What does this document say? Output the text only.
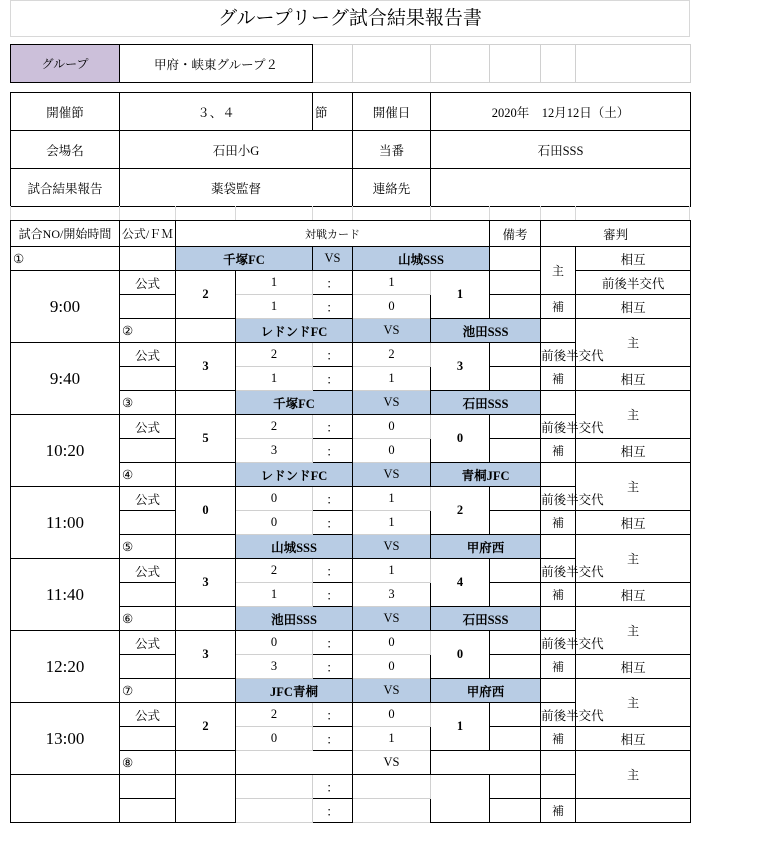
グループリーグ試合結果報告書
グループ	甲府・峡東グループ２						
開催節	３、４	節	開催日	2020年　12月12日（土）
会場名	石田小G		当番	石田SSS
試合結果報告	薬袋監督		連絡先	
試合NO/開始時間	公式/ＦＭ	対戦カード					備考	審判		
①		千塚FC		VS	山城SSS			主	相互	
9:00	公式	2	1	：	1	1			前後半交代	
			1	：	0			補	相互	
	②		レドンドFC		VS	池田SSS			主	
9:40	公式	3	2	：	2	3		前後半交代		
			1	：	1			補	相互	
	③		千塚FC		VS	石田SSS			主	
10:20	公式	5	2	：	0	0		前後半交代		
			3	：	0			補	相互	
	④		レドンドFC		VS	青桐JFC			主	
11:00	公式	0	0	：	1	2		前後半交代		
			0	：	1			補	相互	
	⑤		山城SSS		VS	甲府西			主	
11:40	公式	3	2	：	1	4		前後半交代		
			1	：	3			補	相互	
	⑥		池田SSS		VS	石田SSS			主	
12:20	公式	3	0	：	0	0		前後半交代		
			3	：	0			補	相互	
	⑦		JFC青桐		VS	甲府西			主	
13:00	公式	2	2	：	0	1		前後半交代		
			0	：	1			補	相互	
	⑧				VS				主	
				：						
				：				補		
